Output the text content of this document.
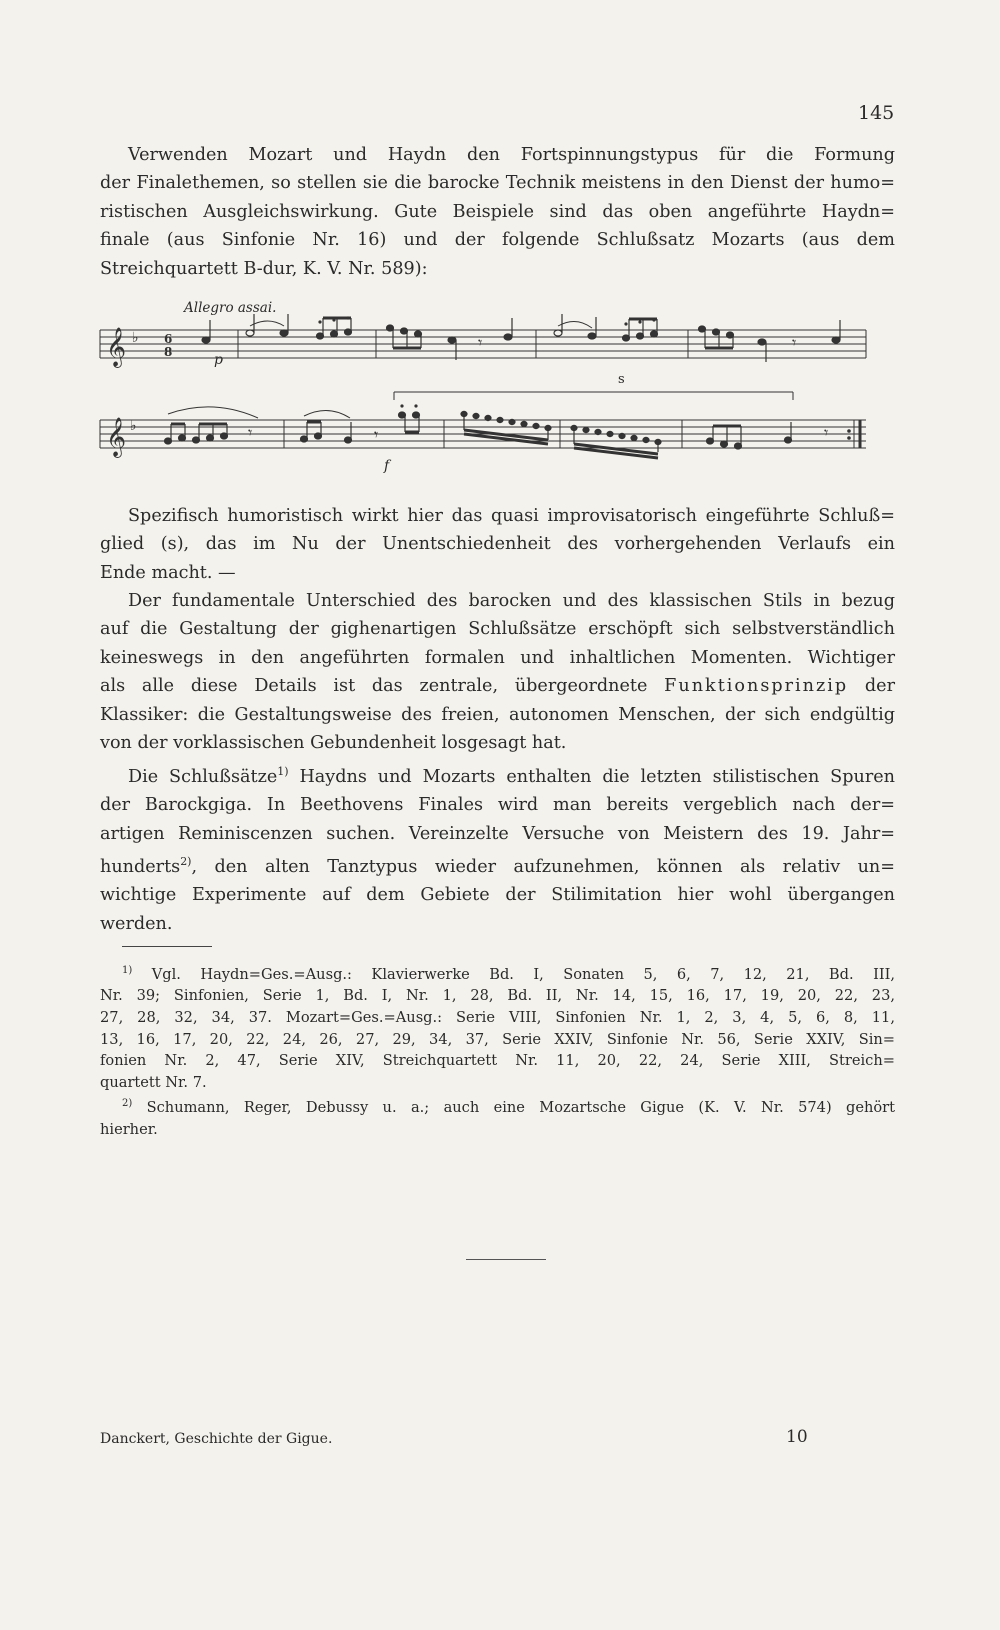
145

Verwenden Mozart und Haydn den Fortspinnungstypus für die Formung
der Finalethemen, so stellen sie die barocke Technik meistens in den Dienst der humo=
ristischen Ausgleichswirkung. Gute Beispiele sind das oben angeführte Haydn=
finale (aus Sinfonie Nr. 16) und der folgende Schlußsatz Mozarts (aus dem
Streichquartett B-dur, K. V. Nr. 589):

Allegro assai.
p
f
s
𝄞 ♭ 6
8	𝄾	𝄾
𝄞 ♭	𝄾
𝄾	𝄾

Spezifisch humoristisch wirkt hier das quasi improvisatorisch eingeführte Schluß=
glied (s), das im Nu der Unentschiedenheit des vorhergehenden Verlaufs ein
Ende macht. —

Der fundamentale Unterschied des barocken und des klassischen Stils in bezug
auf die Gestaltung der gighenartigen Schlußsätze erschöpft sich selbstverständlich
keineswegs in den angeführten formalen und inhaltlichen Momenten. Wichtiger
als alle diese Details ist das zentrale, übergeordnete Funktionsprinzip der
Klassiker: die Gestaltungsweise des freien, autonomen Menschen, der sich endgültig
von der vorklassischen Gebundenheit losgesagt hat.

Die Schlußsätze$^{1)}$ Haydns und Mozarts enthalten die letzten stilistischen Spuren
der Barockgiga. In Beethovens Finales wird man bereits vergeblich nach der=
artigen Reminiscenzen suchen. Vereinzelte Versuche von Meistern des 19. Jahr=
hunderts$^{2)}$, den alten Tanztypus wieder aufzunehmen, können als relativ un=
wichtige Experimente auf dem Gebiete der Stilimitation hier wohl übergangen
werden.

$^{1)}$ Vgl. Haydn=Ges.=Ausg.: Klavierwerke Bd. I, Sonaten 5, 6, 7, 12, 21, Bd. III,
Nr. 39; Sinfonien, Serie 1, Bd. I, Nr. 1, 28, Bd. II, Nr. 14, 15, 16, 17, 19, 20, 22, 23,
27, 28, 32, 34, 37. Mozart=Ges.=Ausg.: Serie VIII, Sinfonien Nr. 1, 2, 3, 4, 5, 6, 8, 11,
13, 16, 17, 20, 22, 24, 26, 27, 29, 34, 37, Serie XXIV, Sinfonie Nr. 56, Serie XXIV, Sin=
fonien Nr. 2, 47, Serie XIV, Streichquartett Nr. 11, 20, 22, 24, Serie XIII, Streich=
quartett Nr. 7.
$^{2)}$ Schumann, Reger, Debussy u. a.; auch eine Mozartsche Gigue (K. V. Nr. 574) gehört
hierher.
Danckert, Geschichte der Gigue.	10
